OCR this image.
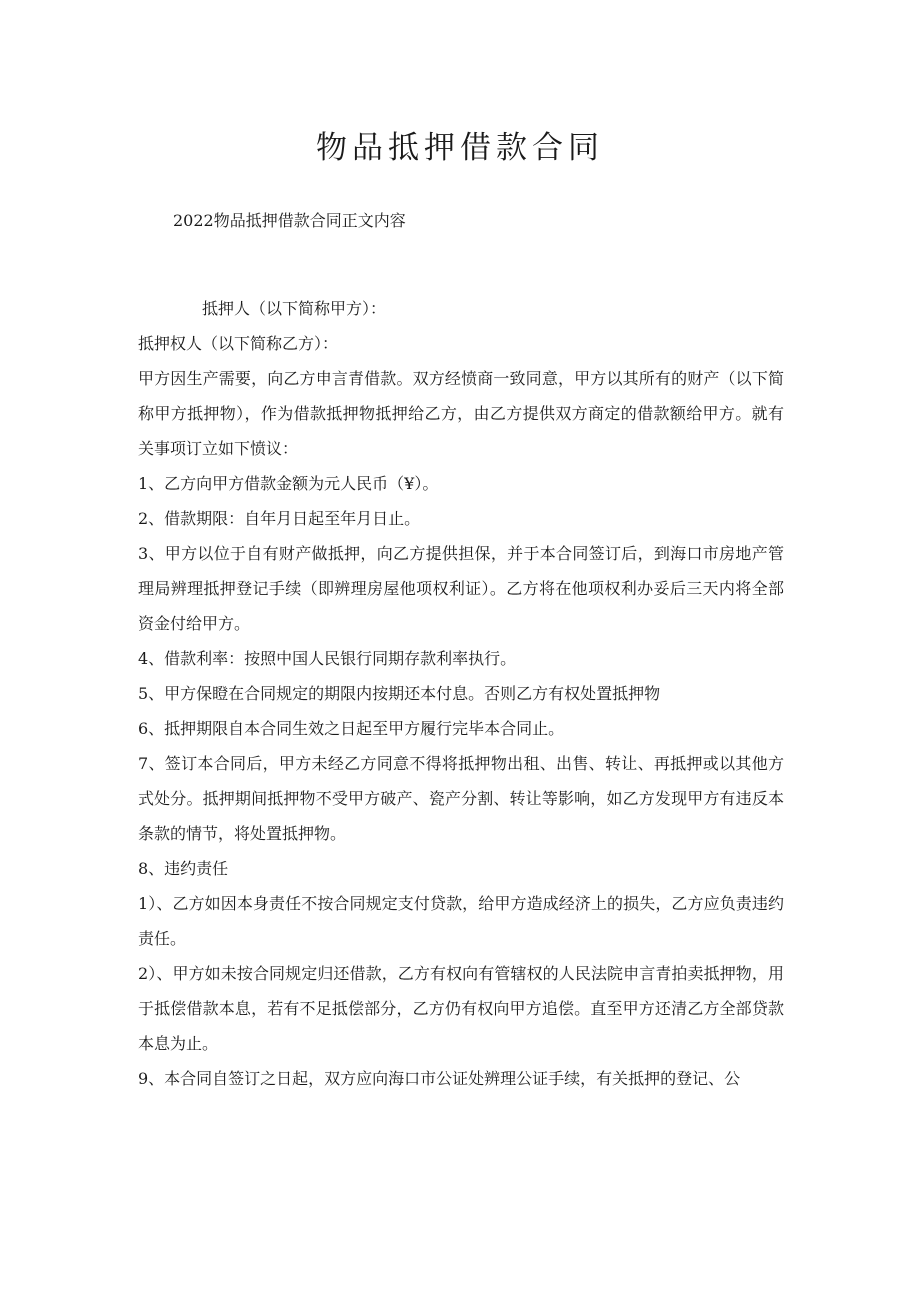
物品抵押借款合同
2022物品抵押借款合同正文内容

抵押人（以下简称甲方）：

抵押权人（以下简称乙方）：

甲方因生产需要，向乙方申言青借款。双方经愤商一致同意，甲方以其所有的财产（以下简称甲方抵押物），作为借款抵押物抵押给乙方，由乙方提供双方商定的借款额给甲方。就有关事项订立如下愤议：

1、乙方向甲方借款金额为元人民币（¥）。

2、借款期限：自年月日起至年月日止。

3、甲方以位于自有财产做抵押，向乙方提供担保，并于本合同签订后，到海口市房地产管理局辨理抵押登记手续（即辨理房屋他项权利证）。乙方将在他项权利办妥后三天内将全部资金付给甲方。

4、借款利率：按照中国人民银行同期存款利率执行。

5、甲方保瞪在合同规定的期限内按期还本付息。否则乙方有权处置抵押物

6、抵押期限自本合同生效之日起至甲方履行完毕本合同止。

7、签订本合同后，甲方未经乙方同意不得将抵押物出租、出售、转让、再抵押或以其他方式处分。抵押期间抵押物不受甲方破产、瓷产分割、转让等影响，如乙方发现甲方有违反本条款的情节，将处置抵押物。

8、违约责任

1）、乙方如因本身责任不按合同规定支付贷款，给甲方造成经济上的损失，乙方应负责违约责任。

2）、甲方如未按合同规定归还借款，乙方有权向有管辖权的人民法院申言青拍卖抵押物，用于抵偿借款本息，若有不足抵偿部分，乙方仍有权向甲方追偿。直至甲方还清乙方全部贷款本息为止。

9、本合同自签订之日起，双方应向海口市公证处辨理公证手续，有关抵押的登记、公
